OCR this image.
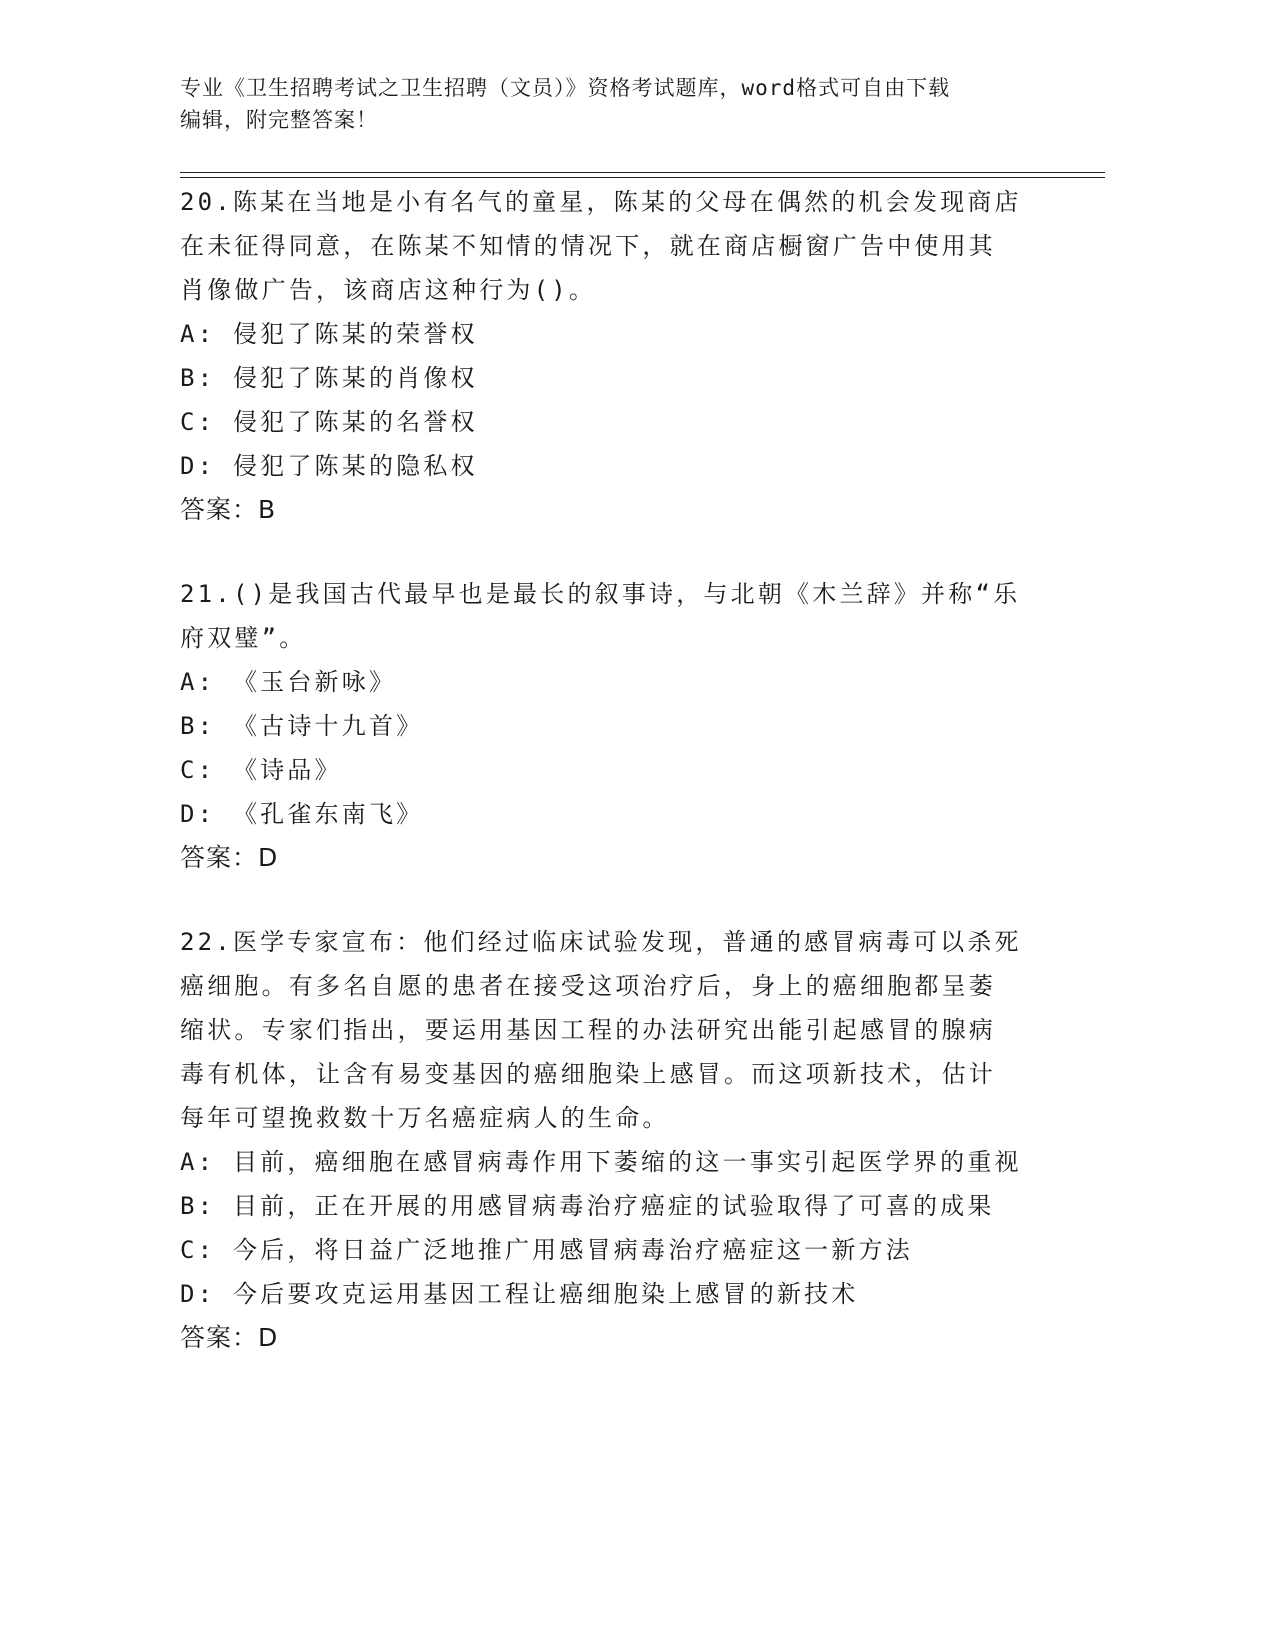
专业《卫生招聘考试之卫生招聘（文员）》资格考试题库，word格式可自由下载
编辑，附完整答案！
20.陈某在当地是小有名气的童星，陈某的父母在偶然的机会发现商店
在未征得同意，在陈某不知情的情况下，就在商店橱窗广告中使用其
肖像做广告，该商店这种行为()。
A: 侵犯了陈某的荣誉权
B: 侵犯了陈某的肖像权
C: 侵犯了陈某的名誉权
D: 侵犯了陈某的隐私权
答案：B
21.()是我国古代最早也是最长的叙事诗，与北朝《木兰辞》并称“乐
府双璧”。
A: 《玉台新咏》
B: 《古诗十九首》
C: 《诗品》
D: 《孔雀东南飞》
答案：D
22.医学专家宣布：他们经过临床试验发现，普通的感冒病毒可以杀死
癌细胞。有多名自愿的患者在接受这项治疗后，身上的癌细胞都呈萎
缩状。专家们指出，要运用基因工程的办法研究出能引起感冒的腺病
毒有机体，让含有易变基因的癌细胞染上感冒。而这项新技术，估计
每年可望挽救数十万名癌症病人的生命。
A: 目前，癌细胞在感冒病毒作用下萎缩的这一事实引起医学界的重视
B: 目前，正在开展的用感冒病毒治疗癌症的试验取得了可喜的成果
C: 今后，将日益广泛地推广用感冒病毒治疗癌症这一新方法
D: 今后要攻克运用基因工程让癌细胞染上感冒的新技术
答案：D
